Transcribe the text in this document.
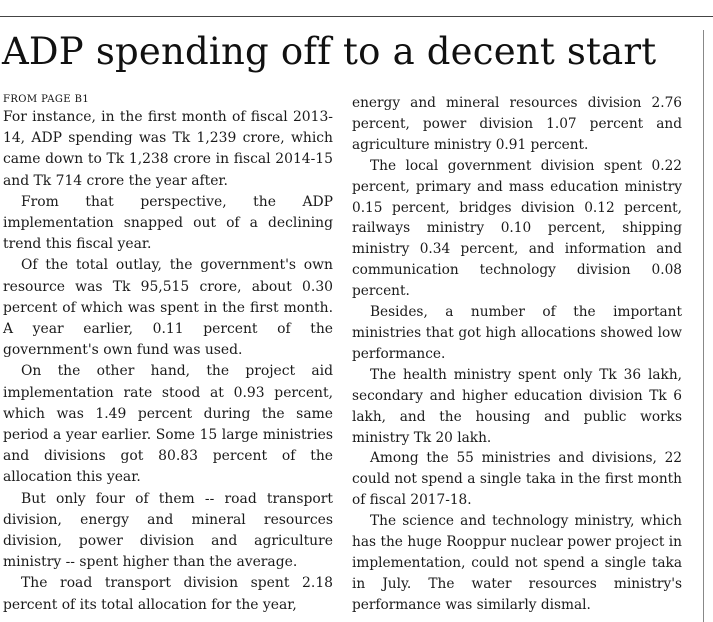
ADP spending off to a decent start
FROM PAGE B1

For instance, in the first month of fiscal 2013-14, ADP spending was Tk 1,239 crore, which came down to Tk 1,238 crore in fiscal 2014-15 and Tk 714 crore the year after.

From that perspective, the ADP implementation snapped out of a declining trend this fiscal year.

Of the total outlay, the government's own resource was Tk 95,515 crore, about 0.30 percent of which was spent in the first month. A year earlier, 0.11 percent of the government's own fund was used.

On the other hand, the project aid implementation rate stood at 0.93 percent, which was 1.49 percent during the same period a year earlier. Some 15 large ministries and divisions got 80.83 percent of the allocation this year.

But only four of them -- road transport division, energy and mineral resources division, power division and agriculture ministry -- spent higher than the average.

The road transport division spent 2.18 percent of its total allocation for the year,

energy and mineral resources division 2.76 percent, power division 1.07 percent and agriculture ministry 0.91 percent.

The local government division spent 0.22 percent, primary and mass education ministry 0.15 percent, bridges division 0.12 percent, railways ministry 0.10 percent, shipping ministry 0.34 percent, and information and communication technology division 0.08 percent.

Besides, a number of the important ministries that got high allocations showed low performance.

The health ministry spent only Tk 36 lakh, secondary and higher education division Tk 6 lakh, and the housing and public works ministry Tk 20 lakh.

Among the 55 ministries and divisions, 22 could not spend a single taka in the first month of fiscal 2017-18.

The science and technology ministry, which has the huge Rooppur nuclear power project in implementation, could not spend a single taka in July. The water resources ministry's performance was similarly dismal.
